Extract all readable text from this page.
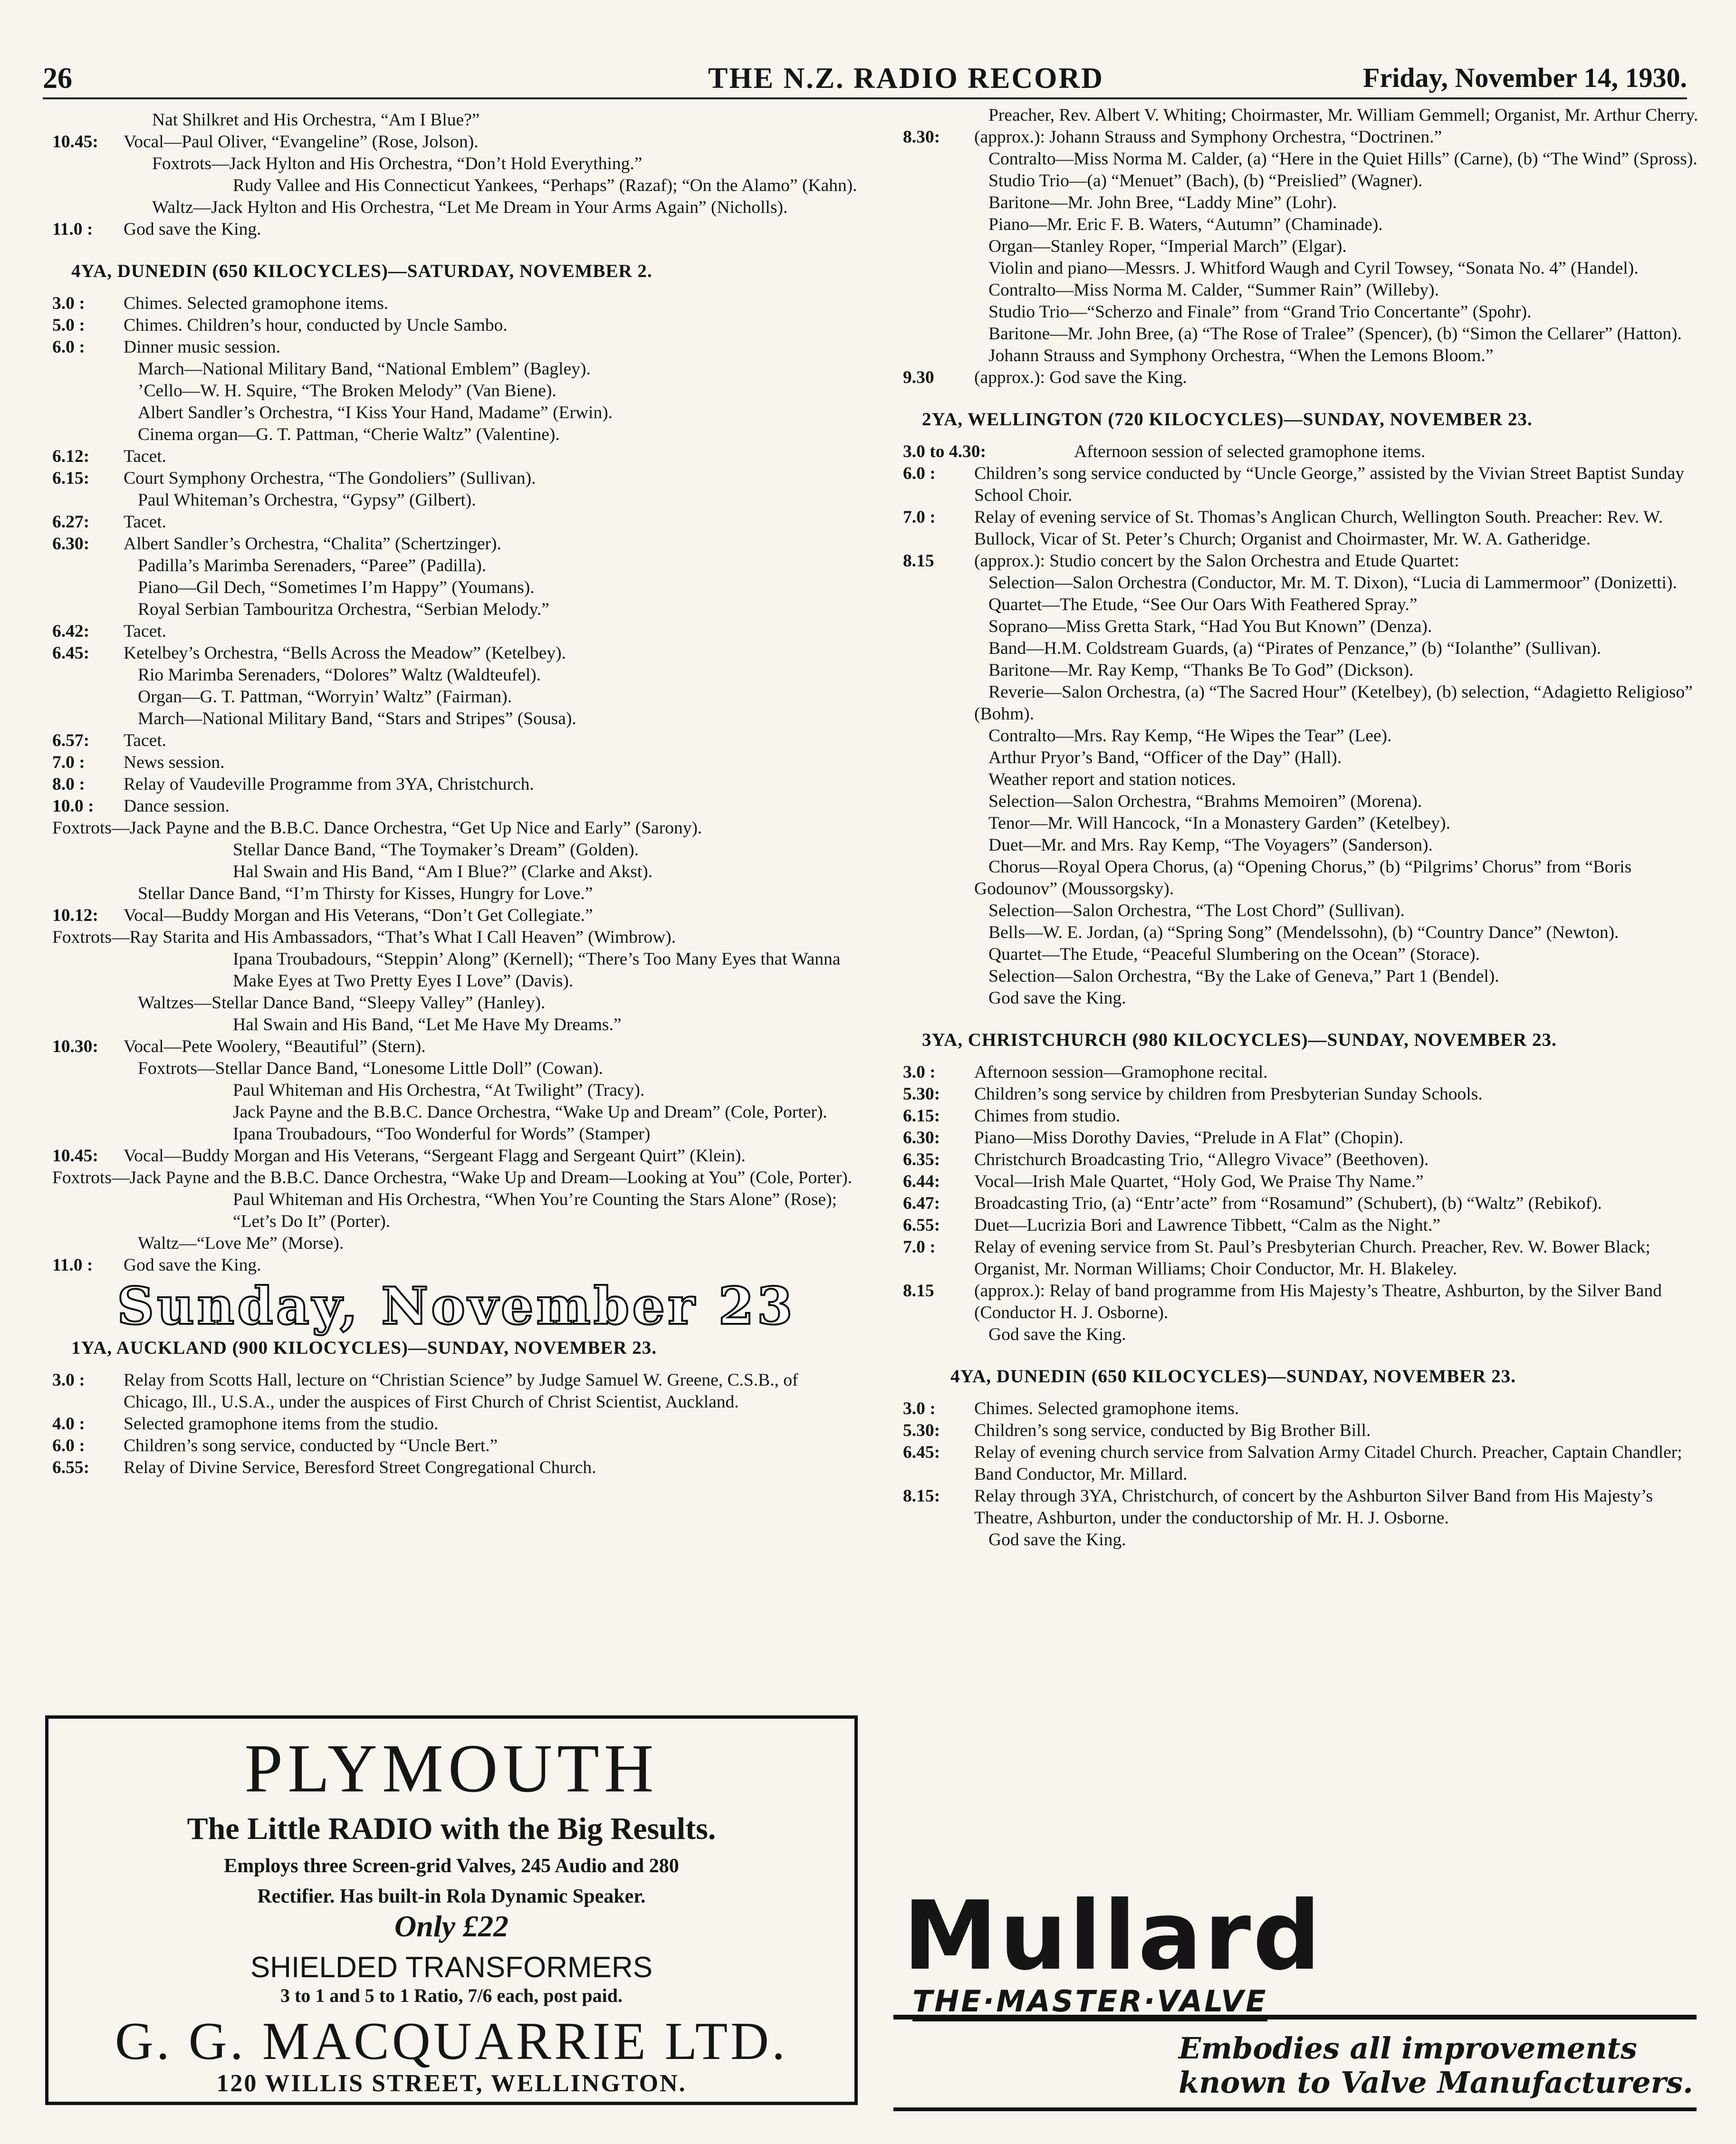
26	THE N.Z. RADIO RECORD	Friday, November 14, 1930.
Nat Shilkret and His Orchestra, “Am I Blue?”
10.45:	Vocal—Paul Oliver, “Evangeline” (Rose, Jolson).
Foxtrots—Jack Hylton and His Orchestra, “Don’t Hold Everything.”
Rudy Vallee and His Connecticut Yankees, “Perhaps” (Razaf); “On the Alamo” (Kahn).
Waltz—Jack Hylton and His Orchestra, “Let Me Dream in Your Arms Again” (Nicholls).
11.0 :	God save the King.
4YA, DUNEDIN (650 KILOCYCLES)—SATURDAY, NOVEMBER 2.
3.0 :	Chimes. Selected gramophone items.
5.0 :	Chimes. Children’s hour, conducted by Uncle Sambo.
6.0 :	Dinner music session.
March—National Military Band, “National Emblem” (Bagley).
’Cello—W. H. Squire, “The Broken Melody” (Van Biene).
Albert Sandler’s Orchestra, “I Kiss Your Hand, Madame” (Erwin).
Cinema organ—G. T. Pattman, “Cherie Waltz” (Valentine).
6.12:	Tacet.
6.15:	Court Symphony Orchestra, “The Gondoliers” (Sullivan).
Paul Whiteman’s Orchestra, “Gypsy” (Gilbert).
6.27:	Tacet.
6.30:	Albert Sandler’s Orchestra, “Chalita” (Schertzinger).
Padilla’s Marimba Serenaders, “Paree” (Padilla).
Piano—Gil Dech, “Sometimes I’m Happy” (Youmans).
Royal Serbian Tambouritza Orchestra, “Serbian Melody.”
6.42:	Tacet.
6.45:	Ketelbey’s Orchestra, “Bells Across the Meadow” (Ketelbey).
Rio Marimba Serenaders, “Dolores” Waltz (Waldteufel).
Organ—G. T. Pattman, “Worryin’ Waltz” (Fairman).
March—National Military Band, “Stars and Stripes” (Sousa).
6.57:	Tacet.
7.0 :	News session.
8.0 :	Relay of Vaudeville Programme from 3YA, Christchurch.
10.0 :	Dance session.
Foxtrots—Jack Payne and the B.B.C. Dance Orchestra, “Get Up Nice and Early” (Sarony).
Stellar Dance Band, “The Toymaker’s Dream” (Golden).
Hal Swain and His Band, “Am I Blue?” (Clarke and Akst).
Stellar Dance Band, “I’m Thirsty for Kisses, Hungry for Love.”
10.12:	Vocal—Buddy Morgan and His Veterans, “Don’t Get Collegiate.”
Foxtrots—Ray Starita and His Ambassadors, “That’s What I Call Heaven” (Wimbrow).
Ipana Troubadours, “Steppin’ Along” (Kernell); “There’s Too Many Eyes that Wanna Make Eyes at Two Pretty Eyes I Love” (Davis).
Waltzes—Stellar Dance Band, “Sleepy Valley” (Hanley).
Hal Swain and His Band, “Let Me Have My Dreams.”
10.30:	Vocal—Pete Woolery, “Beautiful” (Stern).
Foxtrots—Stellar Dance Band, “Lonesome Little Doll” (Cowan).
Paul Whiteman and His Orchestra, “At Twilight” (Tracy).
Jack Payne and the B.B.C. Dance Orchestra, “Wake Up and Dream” (Cole, Porter).
Ipana Troubadours, “Too Wonderful for Words” (Stamper)
10.45:	Vocal—Buddy Morgan and His Veterans, “Sergeant Flagg and Sergeant Quirt” (Klein).
Foxtrots—Jack Payne and the B.B.C. Dance Orchestra, “Wake Up and Dream—Looking at You” (Cole, Porter).
Paul Whiteman and His Orchestra, “When You’re Counting the Stars Alone” (Rose); “Let’s Do It” (Porter).
Waltz—“Love Me” (Morse).
11.0 :	God save the King.
Sunday, November 23
1YA, AUCKLAND (900 KILOCYCLES)—SUNDAY, NOVEMBER 23.
3.0 :	Relay from Scotts Hall, lecture on “Christian Science” by Judge Samuel W. Greene, C.S.B., of Chicago, Ill., U.S.A., under the auspices of First Church of Christ Scientist, Auckland.
4.0 :	Selected gramophone items from the studio.
6.0 :	Children’s song service, conducted by “Uncle Bert.”
6.55:	Relay of Divine Service, Beresford Street Congregational Church.
Preacher, Rev. Albert V. Whiting; Choirmaster, Mr. William Gemmell; Organist, Mr. Arthur Cherry.
8.30:	(approx.): Johann Strauss and Symphony Orchestra, “Doctrinen.”
Contralto—Miss Norma M. Calder, (a) “Here in the Quiet Hills” (Carne), (b) “The Wind” (Spross).
Studio Trio—(a) “Menuet” (Bach), (b) “Preislied” (Wagner).
Baritone—Mr. John Bree, “Laddy Mine” (Lohr).
Piano—Mr. Eric F. B. Waters, “Autumn” (Chaminade).
Organ—Stanley Roper, “Imperial March” (Elgar).
Violin and piano—Messrs. J. Whitford Waugh and Cyril Towsey, “Sonata No. 4” (Handel).
Contralto—Miss Norma M. Calder, “Summer Rain” (Willeby).
Studio Trio—“Scherzo and Finale” from “Grand Trio Concertante” (Spohr).
Baritone—Mr. John Bree, (a) “The Rose of Tralee” (Spencer), (b) “Simon the Cellarer” (Hatton).
Johann Strauss and Symphony Orchestra, “When the Lemons Bloom.”
9.30	(approx.): God save the King.
2YA, WELLINGTON (720 KILOCYCLES)—SUNDAY, NOVEMBER 23.
3.0 to 4.30:	Afternoon session of selected gramophone items.
6.0 :	Children’s song service conducted by “Uncle George,” assisted by the Vivian Street Baptist Sunday School Choir.
7.0 :	Relay of evening service of St. Thomas’s Anglican Church, Wellington South. Preacher: Rev. W. Bullock, Vicar of St. Peter’s Church; Organist and Choirmaster, Mr. W. A. Gatheridge.
8.15	(approx.): Studio concert by the Salon Orchestra and Etude Quartet:
Selection—Salon Orchestra (Conductor, Mr. M. T. Dixon), “Lucia di Lammermoor” (Donizetti).
Quartet—The Etude, “See Our Oars With Feathered Spray.”
Soprano—Miss Gretta Stark, “Had You But Known” (Denza).
Band—H.M. Coldstream Guards, (a) “Pirates of Penzance,” (b) “Iolanthe” (Sullivan).
Baritone—Mr. Ray Kemp, “Thanks Be To God” (Dickson).
Reverie—Salon Orchestra, (a) “The Sacred Hour” (Ketelbey), (b) selection, “Adagietto Religioso” (Bohm).
Contralto—Mrs. Ray Kemp, “He Wipes the Tear” (Lee).
Arthur Pryor’s Band, “Officer of the Day” (Hall).
Weather report and station notices.
Selection—Salon Orchestra, “Brahms Memoiren” (Morena).
Tenor—Mr. Will Hancock, “In a Monastery Garden” (Ketelbey).
Duet—Mr. and Mrs. Ray Kemp, “The Voyagers” (Sanderson).
Chorus—Royal Opera Chorus, (a) “Opening Chorus,” (b) “Pilgrims’ Chorus” from “Boris Godounov” (Moussorgsky).
Selection—Salon Orchestra, “The Lost Chord” (Sullivan).
Bells—W. E. Jordan, (a) “Spring Song” (Mendelssohn), (b) “Country Dance” (Newton).
Quartet—The Etude, “Peaceful Slumbering on the Ocean” (Storace).
Selection—Salon Orchestra, “By the Lake of Geneva,” Part 1 (Bendel).
God save the King.
3YA, CHRISTCHURCH (980 KILOCYCLES)—SUNDAY, NOVEMBER 23.
3.0 :	Afternoon session—Gramophone recital.
5.30:	Children’s song service by children from Presbyterian Sunday Schools.
6.15:	Chimes from studio.
6.30:	Piano—Miss Dorothy Davies, “Prelude in A Flat” (Chopin).
6.35:	Christchurch Broadcasting Trio, “Allegro Vivace” (Beethoven).
6.44:	Vocal—Irish Male Quartet, “Holy God, We Praise Thy Name.”
6.47:	Broadcasting Trio, (a) “Entr’acte” from “Rosamund” (Schubert), (b) “Waltz” (Rebikof).
6.55:	Duet—Lucrizia Bori and Lawrence Tibbett, “Calm as the Night.”
7.0 :	Relay of evening service from St. Paul’s Presbyterian Church. Preacher, Rev. W. Bower Black; Organist, Mr. Norman Williams; Choir Conductor, Mr. H. Blakeley.
8.15	(approx.): Relay of band programme from His Majesty’s Theatre, Ashburton, by the Silver Band (Conductor H. J. Osborne).
God save the King.
4YA, DUNEDIN (650 KILOCYCLES)—SUNDAY, NOVEMBER 23.
3.0 :	Chimes. Selected gramophone items.
5.30:	Children’s song service, conducted by Big Brother Bill.
6.45:	Relay of evening church service from Salvation Army Citadel Church. Preacher, Captain Chandler; Band Conductor, Mr. Millard.
8.15:	Relay through 3YA, Christchurch, of concert by the Ashburton Silver Band from His Majesty’s Theatre, Ashburton, under the conductorship of Mr. H. J. Osborne.
God save the King.
PLYMOUTH
The Little RADIO with the Big Results.
Employs three Screen-grid Valves, 245 Audio and 280
Rectifier. Has built-in Rola Dynamic Speaker.
Only £22
SHIELDED TRANSFORMERS
3 to 1 and 5 to 1 Ratio, 7/6 each, post paid.
G. G. MACQUARRIE LTD.
120 WILLIS STREET, WELLINGTON.
Mullard
THE·MASTER·VALVE
Embodies all improvements
known to Valve Manufacturers.
